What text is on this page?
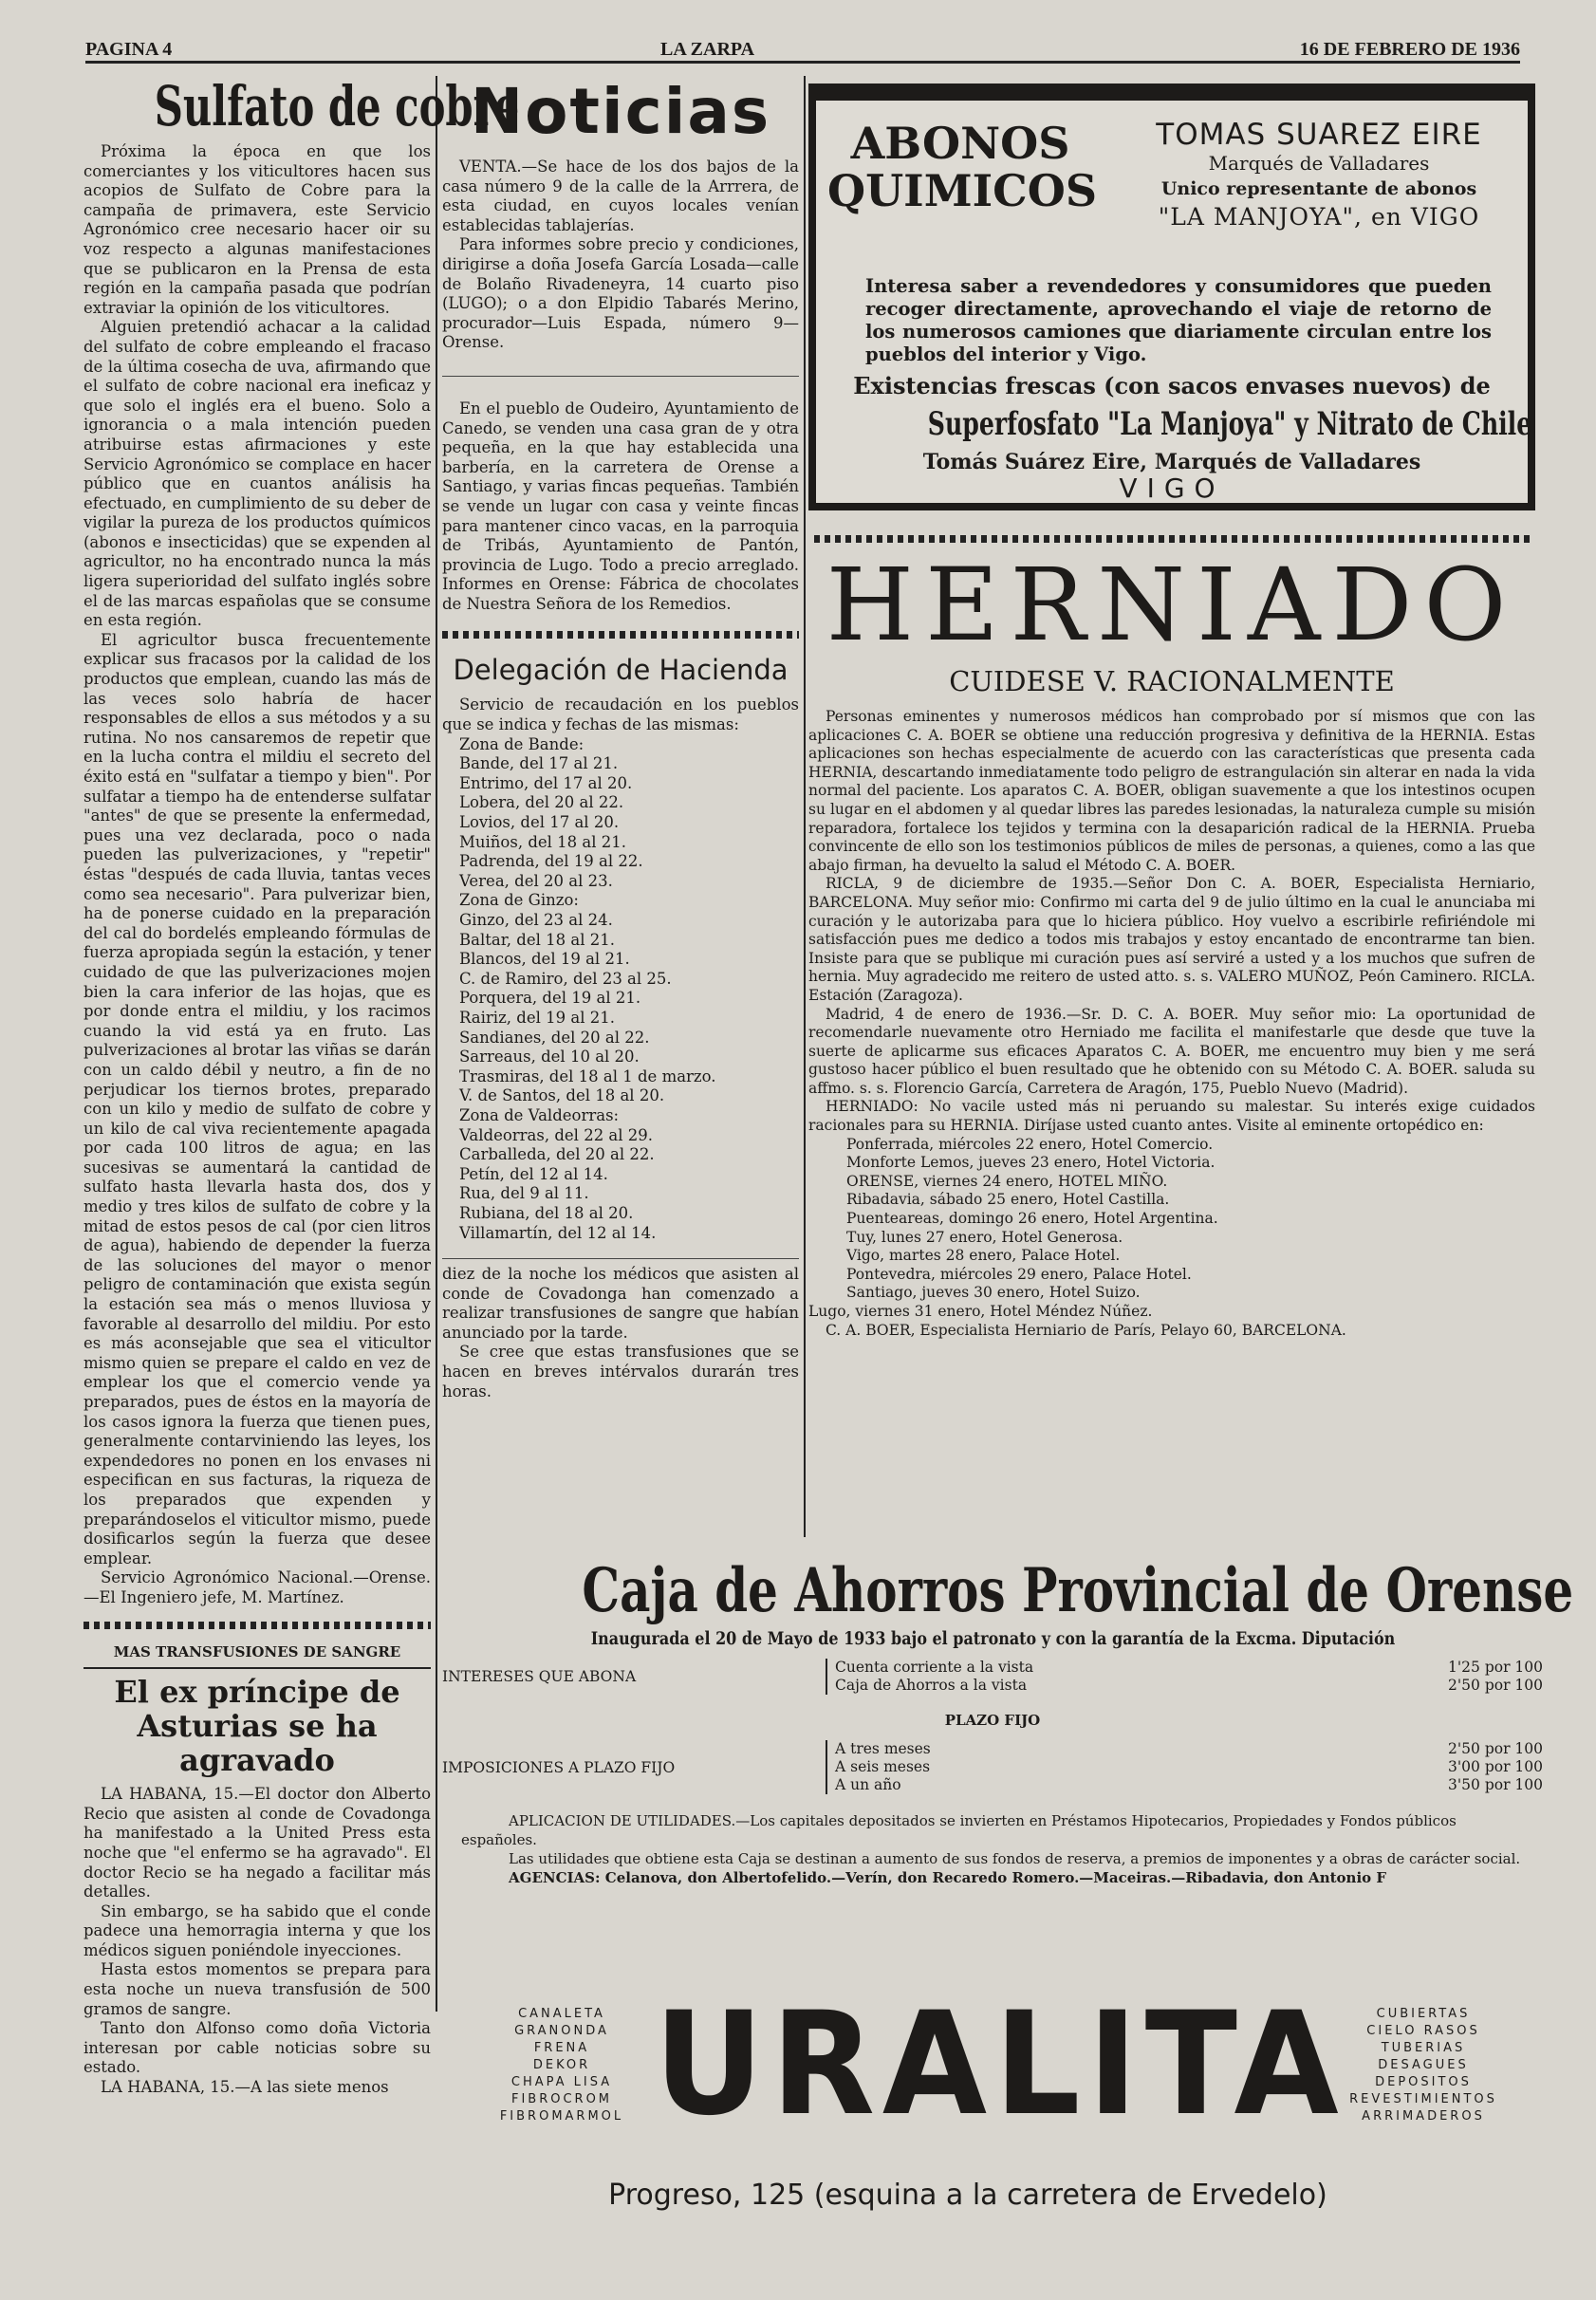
PAGINA 4	LA ZARPA	16 DE FEBRERO DE 1936
Sulfato de cobre

Próxima la época en que los comerciantes y los viticultores hacen sus acopios de Sulfato de Cobre para la campaña de primavera, este Servicio Agronómico cree necesario hacer oir su voz respecto a algunas manifestaciones que se publicaron en la Prensa de esta región en la campaña pasada que podrían extraviar la opinión de los viticultores.

Alguien pretendió achacar a la calidad del sulfato de cobre empleando el fracaso de la última cosecha de uva, afirmando que el sulfato de cobre nacional era ineficaz y que solo el inglés era el bueno. Solo a ignorancia o a mala intención pueden atribuirse estas afirmaciones y este Servicio Agronómico se complace en hacer público que en cuantos análisis ha efectuado, en cumplimiento de su deber de vigilar la pureza de los productos químicos (abonos e insecticidas) que se expenden al agricultor, no ha encontrado nunca la más ligera superioridad del sulfato inglés sobre el de las marcas españolas que se consume en esta región.

El agricultor busca frecuentemente explicar sus fracasos por la calidad de los productos que emplean, cuando las más de las veces solo habría de hacer responsables de ellos a sus métodos y a su rutina. No nos cansaremos de repetir que en la lucha contra el mildiu el secreto del éxito está en "sulfatar a tiempo y bien". Por sulfatar a tiempo ha de entenderse sulfatar "antes" de que se presente la enfermedad, pues una vez declarada, poco o nada pueden las pulverizaciones, y "repetir" éstas "después de cada lluvia, tantas veces como sea necesario". Para pulverizar bien, ha de ponerse cuidado en la preparación del cal do bordelés empleando fórmulas de fuerza apropiada según la estación, y tener cuidado de que las pulverizaciones mojen bien la cara inferior de las hojas, que es por donde entra el mildiu, y los racimos cuando la vid está ya en fruto. Las pulverizaciones al brotar las viñas se darán con un caldo débil y neutro, a fin de no perjudicar los tiernos brotes, preparado con un kilo y medio de sulfato de cobre y un kilo de cal viva recientemente apagada por cada 100 litros de agua; en las sucesivas se aumentará la cantidad de sulfato hasta llevarla hasta dos, dos y medio y tres kilos de sulfato de cobre y la mitad de estos pesos de cal (por cien litros de agua), habiendo de depender la fuerza de las soluciones del mayor o menor peligro de contaminación que exista según la estación sea más o menos lluviosa y favorable al desarrollo del mildiu. Por esto es más aconsejable que sea el viticultor mismo quien se prepare el caldo en vez de emplear los que el comercio vende ya preparados, pues de éstos en la mayoría de los casos ignora la fuerza que tienen pues, generalmente contarviniendo las leyes, los expendedores no ponen en los envases ni especifican en sus facturas, la riqueza de los preparados que expenden y preparándoselos el viticultor mismo, puede dosificarlos según la fuerza que desee emplear.

Servicio Agronómico Nacional.—Orense.—El Ingeniero jefe, M. Martínez.

MAS TRANSFUSIONES DE SANGRE
El ex príncipe de Asturias se ha agravado

LA HABANA, 15.—El doctor don Alberto Recio que asisten al conde de Covadonga ha manifestado a la United Press esta noche que "el enfermo se ha agravado". El doctor Recio se ha negado a facilitar más detalles.

Sin embargo, se ha sabido que el conde padece una hemorragia interna y que los médicos siguen poniéndole inyecciones.

Hasta estos momentos se prepara para esta noche un nueva transfusión de 500 gramos de sangre.

Tanto don Alfonso como doña Victoria interesan por cable noticias sobre su estado.

LA HABANA, 15.—A las siete menos

Noticias

VENTA.—Se hace de los dos bajos de la casa número 9 de la calle de la Arrrera, de esta ciudad, en cuyos locales venían establecidas tablajerías.

Para informes sobre precio y condiciones, dirigirse a doña Josefa García Losada—calle de Bolaño Rivadeneyra, 14 cuarto piso (LUGO); o a don Elpidio Tabarés Merino, procurador—Luis Espada, número 9—Orense.

En el pueblo de Oudeiro, Ayuntamiento de Canedo, se venden una casa gran de y otra pequeña, en la que hay establecida una barbería, en la carretera de Orense a Santiago, y varias fincas pequeñas. También se vende un lugar con casa y veinte fincas para mantener cinco vacas, en la parroquia de Tribás, Ayuntamiento de Pantón, provincia de Lugo. Todo a precio arreglado. Informes en Orense: Fábrica de chocolates de Nuestra Señora de los Remedios.

Delegación de Hacienda

Servicio de recaudación en los pueblos que se indica y fechas de las mismas:

Zona de Bande:

Bande, del 17 al 21.

Entrimo, del 17 al 20.

Lobera, del 20 al 22.

Lovios, del 17 al 20.

Muiños, del 18 al 21.

Padrenda, del 19 al 22.

Verea, del 20 al 23.

Zona de Ginzo:

Ginzo, del 23 al 24.

Baltar, del 18 al 21.

Blancos, del 19 al 21.

C. de Ramiro, del 23 al 25.

Porquera, del 19 al 21.

Rairiz, del 19 al 21.

Sandianes, del 20 al 22.

Sarreaus, del 10 al 20.

Trasmiras, del 18 al 1 de marzo.

V. de Santos, del 18 al 20.

Zona de Valdeorras:

Valdeorras, del 22 al 29.

Carballeda, del 20 al 22.

Petín, del 12 al 14.

Rua, del 9 al 11.

Rubiana, del 18 al 20.

Villamartín, del 12 al 14.

diez de la noche los médicos que asisten al conde de Covadonga han comenzado a realizar transfusiones de sangre que habían anunciado por la tarde.

Se cree que estas transfusiones que se hacen en breves intérvalos durarán tres horas.

ABONOS
QUIMICOS
TOMAS SUAREZ EIRE
Marqués de Valladares
Unico representante de abonos
"LA MANJOYA", en VIGO
Interesa saber a revendedores y consumidores que pueden recoger directamente, aprovechando el viaje de retorno de los numerosos camiones que diariamente circulan entre los pueblos del interior y Vigo.
Existencias frescas (con sacos envases nuevos) de
Superfosfato "La Manjoya" y Nitrato de Chile
Tomás Suárez Eire, Marqués de Valladares
VIGO
HERNIADO
CUIDESE V. RACIONALMENTE

Personas eminentes y numerosos médicos han comprobado por sí mismos que con las aplicaciones C. A. BOER se obtiene una reducción progresiva y definitiva de la HERNIA. Estas aplicaciones son hechas especialmente de acuerdo con las características que presenta cada HERNIA, descartando inmediatamente todo peligro de estrangulación sin alterar en nada la vida normal del paciente. Los aparatos C. A. BOER, obligan suavemente a que los intestinos ocupen su lugar en el abdomen y al quedar libres las paredes lesionadas, la naturaleza cumple su misión reparadora, fortalece los tejidos y termina con la desaparición radical de la HERNIA. Prueba convincente de ello son los testimonios públicos de miles de personas, a quienes, como a las que abajo firman, ha devuelto la salud el Método C. A. BOER.

RICLA, 9 de diciembre de 1935.—Señor Don C. A. BOER, Especialista Herniario, BARCELONA. Muy señor mio: Confirmo mi carta del 9 de julio último en la cual le anunciaba mi curación y le autorizaba para que lo hiciera público. Hoy vuelvo a escribirle refiriéndole mi satisfacción pues me dedico a todos mis trabajos y estoy encantado de encontrarme tan bien. Insiste para que se publique mi curación pues así serviré a usted y a los muchos que sufren de hernia. Muy agradecido me reitero de usted atto. s. s. VALERO MUÑOZ, Peón Caminero. RICLA. Estación (Zaragoza).

Madrid, 4 de enero de 1936.—Sr. D. C. A. BOER. Muy señor mio: La oportunidad de recomendarle nuevamente otro Herniado me facilita el manifestarle que desde que tuve la suerte de aplicarme sus eficaces Aparatos C. A. BOER, me encuentro muy bien y me será gustoso hacer público el buen resultado que he obtenido con su Método C. A. BOER. saluda su affmo. s. s. Florencio García, Carretera de Aragón, 175, Pueblo Nuevo (Madrid).

HERNIADO: No vacile usted más ni peruando su malestar. Su interés exige cuidados racionales para su HERNIA. Diríjase usted cuanto antes. Visite al eminente ortopédico en:

Ponferrada, miércoles 22 enero, Hotel Comercio.
Monforte Lemos, jueves 23 enero, Hotel Victoria.
ORENSE, viernes 24 enero, HOTEL MIÑO.
Ribadavia, sábado 25 enero, Hotel Castilla.
Puenteareas, domingo 26 enero, Hotel Argentina.
Tuy, lunes 27 enero, Hotel Generosa.
Vigo, martes 28 enero, Palace Hotel.
Pontevedra, miércoles 29 enero, Palace Hotel.
Santiago, jueves 30 enero, Hotel Suizo.
Lugo, viernes 31 enero, Hotel Méndez Núñez.

C. A. BOER, Especialista Herniario de París, Pelayo 60, BARCELONA.

Caja de Ahorros Provincial de Orense
Inaugurada el 20 de Mayo de 1933 bajo el patronato y con la garantía de la Excma. Diputación
INTERESES QUE ABONA
Cuenta corriente a la vista	1'25 por 100
Caja de Ahorros a la vista	2'50 por 100
PLAZO FIJO
IMPOSICIONES A PLAZO FIJO
A tres meses	2'50 por 100
A seis meses	3'00 por 100
A un año	3'50 por 100
APLICACION DE UTILIDADES.—Los capitales depositados se invierten en Préstamos Hipotecarios, Propiedades y Fondos públicos españoles.
Las utilidades que obtiene esta Caja se destinan a aumento de sus fondos de reserva, a premios de imponentes y a obras de carácter social.
AGENCIAS: Celanova, don Albertofelido.—Verín, don Recaredo Romero.—Maceiras.—Ribadavia, don Antonio F
CANALETA
GRANONDA
FRENA
DEKOR
CHAPA LISA
FIBROCROM
FIBROMARMOL URALITA	CUBIERTAS
CIELO RASOS
TUBERIAS
DESAGUES
DEPOSITOS
REVESTIMIENTOS
ARRIMADEROS
Progreso, 125 (esquina a la carretera de Ervedelo)
